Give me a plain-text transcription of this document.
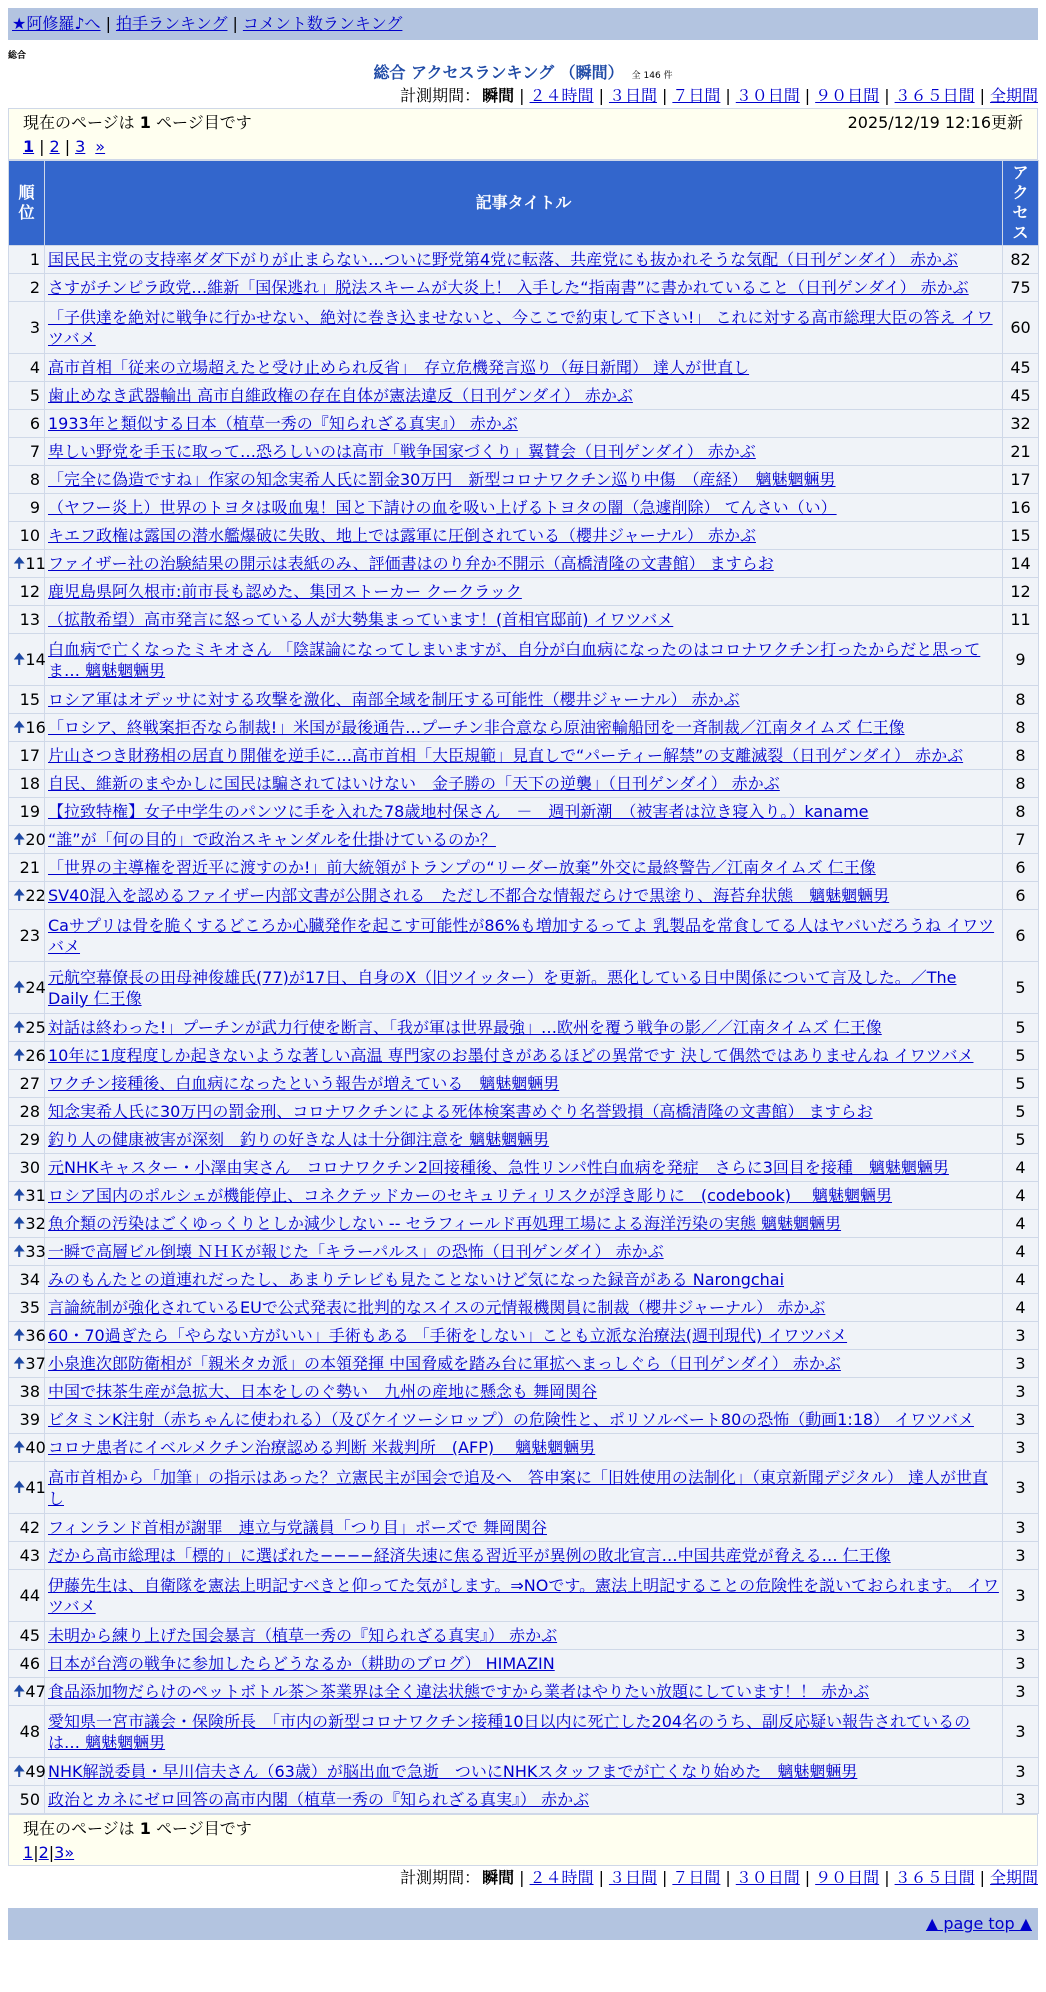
★阿修羅♪へ | 拍手ランキング | コメント数ランキング
総合
総合 アクセスランキング （瞬間） 全 146 件
計測期間： 瞬間 | ２４時間 | ３日間 | ７日間 | ３０日間 | ９０日間 | ３６５日間 | 全期間
現在のページは 1 ページ目です	2025/12/19 12:16更新
1 | 2 | 3 »
順位	記事タイトル	アクセス
1	国民民主党の支持率ダダ下がりが止まらない…ついに野党第4党に転落、共産党にも抜かれそうな気配（日刊ゲンダイ） 赤かぶ	82
2	さすがチンピラ政党…維新「国保逃れ」脱法スキームが大炎上！ 入手した“指南書”に書かれていること（日刊ゲンダイ） 赤かぶ	75
3	「子供達を絶対に戦争に行かせない、絶対に巻き込ませないと、今ここで約束して下さい!」 これに対する高市総理大臣の答え イワツバメ	60
4	高市首相「従来の立場超えたと受け止められ反省」　存立危機発言巡り（毎日新聞） 達人が世直し	45
5	歯止めなき武器輸出 高市自維政権の存在自体が憲法違反（日刊ゲンダイ） 赤かぶ	45
6	1933年と類似する日本（植草一秀の『知られざる真実』） 赤かぶ	32
7	卑しい野党を手玉に取って…恐ろしいのは高市「戦争国家づくり」翼賛会（日刊ゲンダイ） 赤かぶ	21
8	「完全に偽造ですね」作家の知念実希人氏に罰金30万円　新型コロナワクチン巡り中傷　（産経）　魑魅魍魎男	17
9	（ヤフー炎上）世界のトヨタは吸血鬼！国と下請けの血を吸い上げるトヨタの闇（急遽削除） てんさい（い）	16
10	キエフ政権は露国の潜水艦爆破に失敗、地上では露軍に圧倒されている（櫻井ジャーナル） 赤かぶ	15

🠉 11	ファイザー社の治験結果の開示は表紙のみ、評価書はのり弁か不開示（高橋清隆の文書館） ますらお	14
12	鹿児島県阿久根市:前市長も認めた、集団ストーカー クークラック	12
13	（拡散希望）高市発言に怒っている人が大勢集まっています！(首相官邸前) イワツバメ	11

🠉 14	白血病で亡くなったミキオさん 「陰謀論になってしまいますが、自分が白血病になったのはコロナワクチン打ったからだと思ってま… 魑魅魍魎男	9
15	ロシア軍はオデッサに対する攻撃を激化、南部全域を制圧する可能性（櫻井ジャーナル） 赤かぶ	8

🠉 16	「ロシア、終戦案拒否なら制裁!」米国が最後通告…プーチン非合意なら原油密輸船団を一斉制裁／江南タイムズ 仁王像	8
17	片山さつき財務相の居直り開催を逆手に…高市首相「大臣規範」見直しで“パーティー解禁”の支離滅裂（日刊ゲンダイ） 赤かぶ	8
18	自民、維新のまやかしに国民は騙されてはいけない　金子勝の「天下の逆襲」（日刊ゲンダイ） 赤かぶ	8
19	【拉致特権】女子中学生のパンツに手を入れた78歳地村保さん　－　週刊新潮　（被害者は泣き寝入り。）kaname	8

🠉 20	“誰”が「何の目的」で政治スキャンダルを仕掛けているのか？	7
21	「世界の主導権を習近平に渡すのか!」前大統領がトランプの“リーダー放棄”外交に最終警告／江南タイムズ 仁王像	6

🠉 22	SV40混入を認めるファイザー内部文書が公開される　ただし不都合な情報だらけで黒塗り、海苔弁状態　魑魅魍魎男	6
23	Caサプリは骨を脆くするどころか心臓発作を起こす可能性が86%も増加するってよ 乳製品を常食してる人はヤバいだろうね イワツバメ	6

🠉 24	元航空幕僚長の田母神俊雄氏(77)が17日、自身のX（旧ツイッター）を更新。悪化している日中関係について言及した。／The Daily 仁王像	5

🠉 25	対話は終わった!」プーチンが武力行使を断言、「我が軍は世界最強」…欧州を覆う戦争の影／／江南タイムズ 仁王像	5

🠉 26	10年に1度程度しか起きないような著しい高温 専門家のお墨付きがあるほどの異常です 決して偶然ではありませんね イワツバメ	5
27	ワクチン接種後、白血病になったという報告が増えている　魑魅魍魎男	5
28	知念実希人氏に30万円の罰金刑、コロナワクチンによる死体検案書めぐり名誉毀損（高橋清隆の文書館） ますらお	5
29	釣り人の健康被害が深刻　釣りの好きな人は十分御注意を 魑魅魍魎男	5
30	元NHKキャスター・小澤由実さん　コロナワクチン2回接種後、急性リンパ性白血病を発症　さらに3回目を接種　魑魅魍魎男	4

🠉 31	ロシア国内のポルシェが機能停止、コネクテッドカーのセキュリティリスクが浮き彫りに　(codebook)　 魑魅魍魎男	4

🠉 32	魚介類の汚染はごくゆっくりとしか減少しない -- セラフィールド再処理工場による海洋汚染の実態 魑魅魍魎男	4

🠉 33	一瞬で高層ビル倒壊 ＮＨＫが報じた「キラーパルス」の恐怖（日刊ゲンダイ） 赤かぶ	4
34	みのもんたとの道連れだったし、あまりテレビも見たことないけど気になった録音がある Narongchai	4
35	言論統制が強化されているEUで公式発表に批判的なスイスの元情報機関員に制裁（櫻井ジャーナル） 赤かぶ	4

🠉 36	60・70過ぎたら「やらない方がいい」手術もある 「手術をしない」ことも立派な治療法(週刊現代) イワツバメ	3

🠉 37	小泉進次郎防衛相が「親米タカ派」の本領発揮 中国脅威を踏み台に軍拡へまっしぐら（日刊ゲンダイ） 赤かぶ	3
38	中国で抹茶生産が急拡大、日本をしのぐ勢い　九州の産地に懸念も 舞岡関谷	3
39	ビタミンK注射（赤ちゃんに使われる）（及びケイツーシロップ）の危険性と、ポリソルベート80の恐怖（動画1:18） イワツバメ	3

🠉 40	コロナ患者にイベルメクチン治療認める判断 米裁判所　(AFP)　 魑魅魍魎男	3

🠉 41	高市首相から「加筆」の指示はあった？立憲民主が国会で追及へ　答申案に「旧姓使用の法制化」（東京新聞デジタル） 達人が世直し	3
42	フィンランド首相が謝罪　連立与党議員「つり目」ポーズで 舞岡関谷	3
43	だから高市総理は「標的」に選ばれた−−−−経済失速に焦る習近平が異例の敗北宣言…中国共産党が脅える… 仁王像	3
44	伊藤先生は、自衛隊を憲法上明記すべきと仰ってた気がします。⇒NOです。憲法上明記することの危険性を説いておられます。 イワツバメ	3
45	未明から練り上げた国会暴言（植草一秀の『知られざる真実』） 赤かぶ	3
46	日本が台湾の戦争に参加したらどうなるか（耕助のブログ） HIMAZIN	3

🠉 47	食品添加物だらけのペットボトル茶＞茶業界は全く違法状態ですから業者はやりたい放題にしています！！ 赤かぶ	3
48	愛知県一宮市議会・保険所長　「市内の新型コロナワクチン接種10日以内に死亡した204名のうち、副反応疑い報告されているのは… 魑魅魍魎男	3

🠉 49	NHK解説委員・早川信夫さん（63歳）が脳出血で急逝　ついにNHKスタッフまでが亡くなり始めた　魑魅魍魎男	3
50	政治とカネにゼロ回答の高市内閣（植草一秀の『知られざる真実』） 赤かぶ	3
現在のページは 1 ページ目です
1|2|3»
計測期間： 瞬間 | ２４時間 | ３日間 | ７日間 | ３０日間 | ９０日間 | ３６５日間 | 全期間
▲ page top ▲
